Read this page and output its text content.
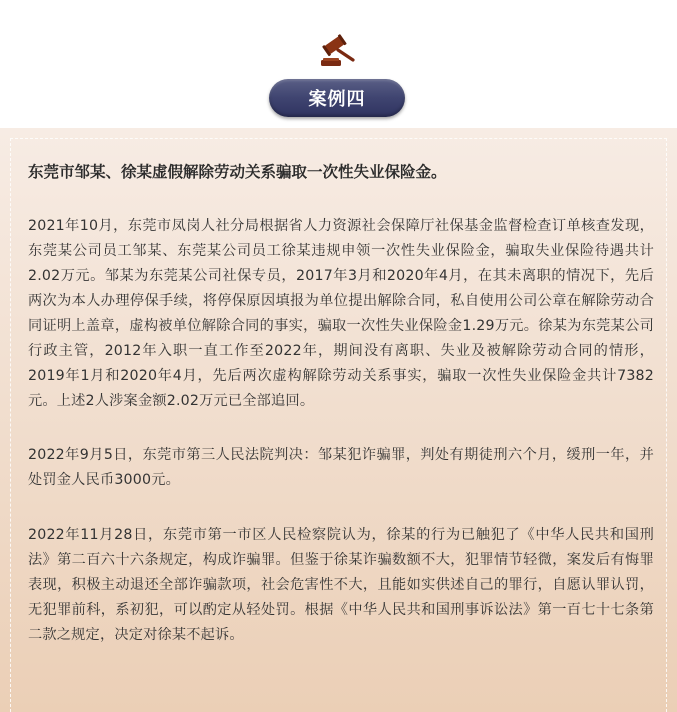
案例四

东莞市邹某、徐某虚假解除劳动关系骗取一次性失业保险金。

2021年10月，东莞市凤岗人社分局根据省人力资源社会保障厅社保基金监督检查订单核查发现，东莞某公司员工邹某、东莞某公司员工徐某违规申领一次性失业保险金，骗取失业保险待遇共计2.02万元。邹某为东莞某公司社保专员，2017年3月和2020年4月，在其未离职的情况下，先后两次为本人办理停保手续，将停保原因填报为单位提出解除合同，私自使用公司公章在解除劳动合同证明上盖章，虚构被单位解除合同的事实，骗取一次性失业保险金1.29万元。徐某为东莞某公司行政主管，2012年入职一直工作至2022年，期间没有离职、失业及被解除劳动合同的情形，2019年1月和2020年4月，先后两次虚构解除劳动关系事实，骗取一次性失业保险金共计7382元。上述2人涉案金额2.02万元已全部追回。

2022年9月5日，东莞市第三人民法院判决：邹某犯诈骗罪，判处有期徒刑六个月，缓刑一年，并处罚金人民币3000元。

2022年11月28日，东莞市第一市区人民检察院认为，徐某的行为已触犯了《中华人民共和国刑法》第二百六十六条规定，构成诈骗罪。但鉴于徐某诈骗数额不大，犯罪情节轻微，案发后有悔罪表现，积极主动退还全部诈骗款项，社会危害性不大，且能如实供述自己的罪行，自愿认罪认罚，无犯罪前科，系初犯，可以酌定从轻处罚。根据《中华人民共和国刑事诉讼法》第一百七十七条第二款之规定，决定对徐某不起诉。
